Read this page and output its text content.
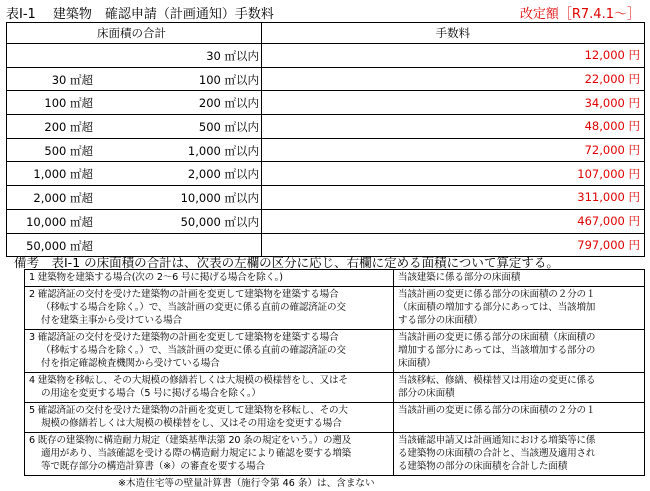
表Ⅰ-1　 建築物　確認申請（計画通知）手数料	改定額［R7.4.1～］
床面積の合計	手数料

30 ㎡以内	12,000 円

30 ㎡超 100 ㎡以内	22,000 円

100 ㎡超 200 ㎡以内	34,000 円

200 ㎡超 500 ㎡以内	48,000 円

500 ㎡超 1,000 ㎡以内	72,000 円

1,000 ㎡超 2,000 ㎡以内	107,000 円

2,000 ㎡超 10,000 ㎡以内	311,000 円

10,000 ㎡超 50,000 ㎡以内	467,000 円

50,000 ㎡超	797,000 円
備考　表Ⅰ-1 の床面積の合計は、次表の左欄の区分に応じ、右欄に定める面積について算定する。
1 建築物を建築する場合(次の 2～6 号に掲げる場合を除く。)	当該建築に係る部分の床面積
2 確認済証の交付を受けた建築物の計画を変更して建築物を建築する場合

（移転する場合を除く。）で、当該計画の変更に係る直前の確認済証の交
付を建築主事から受けている場合	当該計画の変更に係る部分の床面積の２分の１
（床面積の増加する部分にあっては、当該増加
する部分の床面積）
3 確認済証の交付を受けた建築物の計画を変更して建築物を建築する場合

（移転する場合を除く。）で、当該計画の変更に係る直前の確認済証の交
付を指定確認検査機関から受けている場合	当該計画の変更に係る部分の床面積（床面積の
増加する部分にあっては、当該増加する部分の
床面積）
4 建築物を移転し、その大規模の修繕若しくは大規模の模様替をし、又はそ

の用途を変更する場合（5 号に掲げる場合を除く。）	当該移転、修繕、模様替又は用途の変更に係る
部分の床面積
5 確認済証の交付を受けた建築物の計画を変更して建築物を移転し、その大

規模の修繕若しくは大規模の模様替をし、又はその用途を変更する場合	当該計画の変更に係る部分の床面積の２分の１
6 既存の建築物に構造耐力規定（建築基準法第 20 条の規定をいう。）の遡及

適用があり、当該確認を受ける際の構造耐力規定により確認を要する増築
等で既存部分の構造計算書（※）の審査を要する場合	当該確認申請又は計画通知における増築等に係
る建築物の床面積の合計と、当該遡及適用され
る建築物の部分の床面積を合計した面積
※木造住宅等の壁量計算書（施行令第 46 条）は、含まない
